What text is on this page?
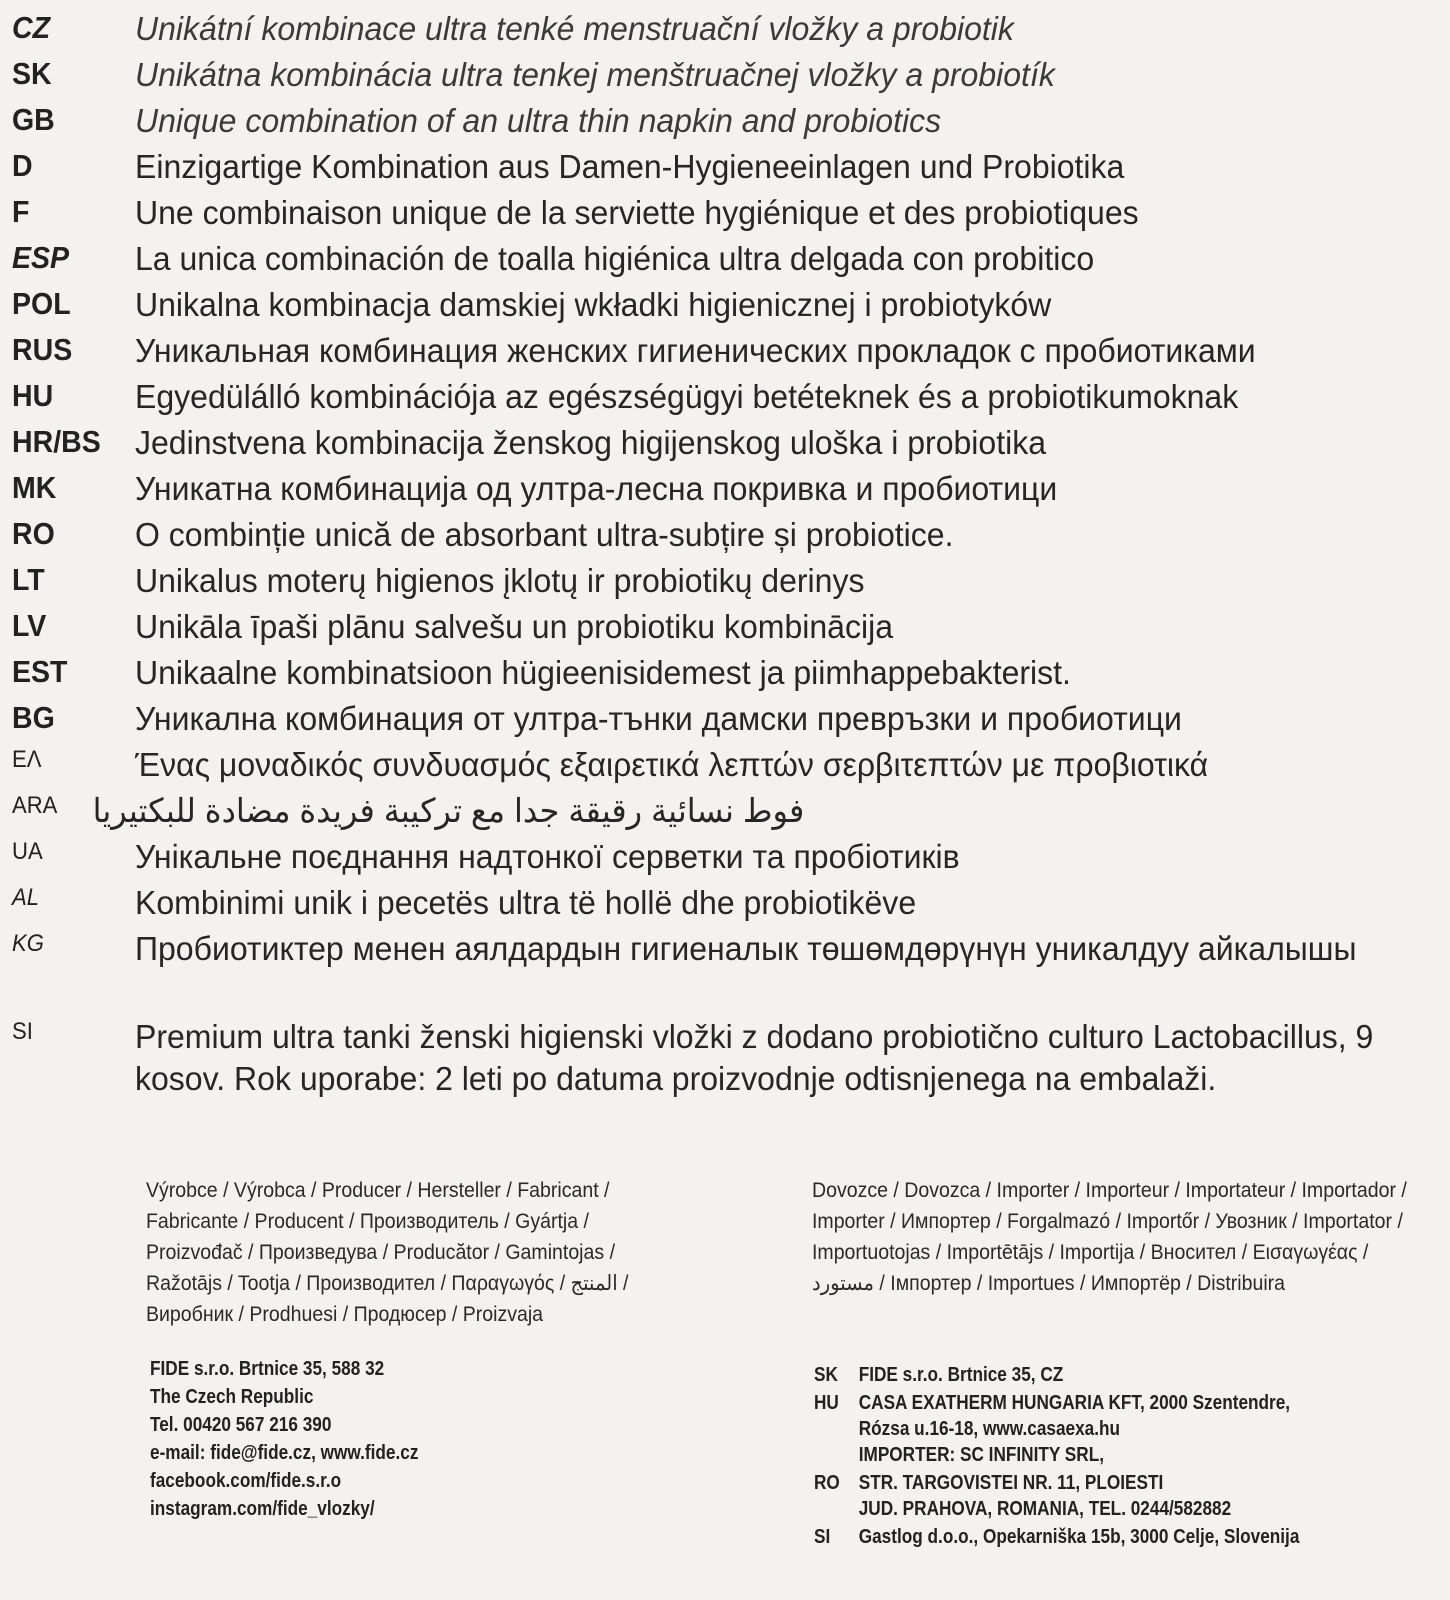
CZ	Unikátní kombinace ultra tenké menstruační vložky a probiotik
SK	Unikátna kombinácia ultra tenkej menštruačnej vložky a probiotík
GB	Unique combination of an ultra thin napkin and probiotics
D	Einzigartige Kombination aus Damen-Hygieneeinlagen und Probiotika
F	Une combinaison unique de la serviette hygiénique et des probiotiques
ESP	La unica combinación de toalla higiénica ultra delgada con probitico
POL	Unikalna kombinacja damskiej wkładki higienicznej i probiotyków
RUS	Уникальная комбинация женских гигиенических прокладок с пробиотиками
HU	Egyedülálló kombinációja az egészségügyi betéteknek és a probiotikumoknak
HR/BS	Jedinstvena kombinacija ženskog higijenskog uloška i probiotika
MK	Уникатна комбинација од ултра-лесна покривка и пробиотици
RO	O combinție unică de absorbant ultra-subțire și probiotice.
LT	Unikalus moterų higienos įklotų ir probiotikų derinys
LV	Unikāla īpaši plānu salvešu un probiotiku kombinācija
EST	Unikaalne kombinatsioon hügieenisidemest ja piimhappebakterist.
BG	Уникална комбинация от ултра-тънки дамски превръзки и пробиотици
ΕΛ	Ένας μοναδικός συνδυασμός εξαιρετικά λεπτών σερβιτεπτών με προβιοτικά
ARA	فوط نسائية رقيقة جدا مع تركيبة فريدة مضادة للبكتيريا
UA	Унікальне поєднання надтонкої серветки та пробіотиків
AL	Kombinimi unik i pecetës ultra të hollë dhe probiotikëve
KG	Пробиотиктер менен аялдардын гигиеналык төшөмдөрүнүн уникалдуу айкалышы
SI	Premium ultra tanki ženski higienski vložki z dodano probiotično culturo Lactobacillus, 9 kosov. Rok uporabe: 2 leti po datuma proizvodnje odtisnjenega na embalaži.
Výrobce / Výrobca / Producer / Hersteller / Fabricant / Fabricante / Producent / Производитель / Gyártja / Proizvođač / Произведува / Producător / Gamintojas / Ražotājs / Tootja / Производител / Παραγωγός / المنتج / Виробник / Prodhuesi / Продюсер / Proizvaja
Dovozce / Dovozca / Importer / Importeur / Importateur / Importador / Importer / Импортер / Forgalmazó / Importőr / Увозник / Importator / Importuotojas / Importētājs / Importija / Вносител / Εισαγωγέας / مستورد / Імпортер / Importues / Импортёр / Distribuira
FIDE s.r.o. Brtnice 35, 588 32
The Czech Republic
Tel. 00420 567 216 390
e-mail: fide@fide.cz, www.fide.cz
facebook.com/fide.s.r.o
instagram.com/fide_vlozky/
SK	FIDE s.r.o. Brtnice 35, CZ
HU CASA EXATHERM HUNGARIA KFT, 2000 Szentendre,
Rózsa u.16-18, www.casaexa.hu
IMPORTER: SC INFINITY SRL,
RO STR. TARGOVISTEI NR. 11, PLOIESTI
JUD. PRAHOVA, ROMANIA, TEL. 0244/582882
SI	Gastlog d.o.o., Opekarniška 15b, 3000 Celje, Slovenija
